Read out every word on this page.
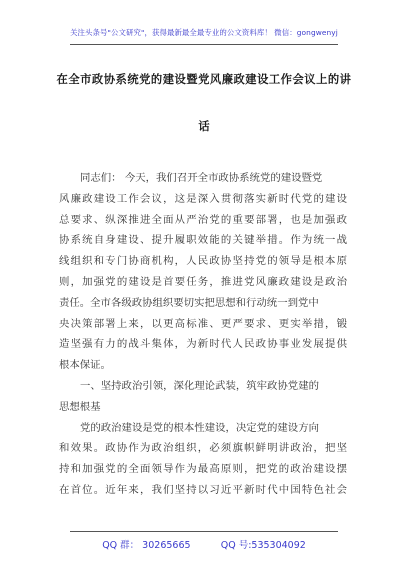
关注头条号"公文研究"，获得最新最全最专业的公文资料库！ 微信：gongwenyj
在全市政协系统党的建设暨党风廉政建设工作会议上的讲
话
同志们： 今天，我们召开全市政协系统党的建设暨党
风廉政建设工作会议，这是深入贯彻落实新时代党的建设
总要求、纵深推进全面从严治党的重要部署，也是加强政
协系统自身建设、提升履职效能的关键举措。作为统一战
线组织和专门协商机构，人民政协坚持党的领导是根本原
则，加强党的建设是首要任务，推进党风廉政建设是政治
责任。全市各级政协组织要切实把思想和行动统一到党中
央决策部署上来，以更高标准、更严要求、更实举措，锻
造坚强有力的战斗集体，为新时代人民政协事业发展提供
根本保证。
一、坚持政治引领，深化理论武装，筑牢政协党建的
思想根基
党的政治建设是党的根本性建设，决定党的建设方向
和效果。政协作为政治组织，必须旗帜鲜明讲政治，把坚
持和加强党的全面领导作为最高原则，把党的政治建设摆
在首位。近年来，我们坚持以习近平新时代中国特色社会
QQ 群： 30265665          QQ 号:535304092
